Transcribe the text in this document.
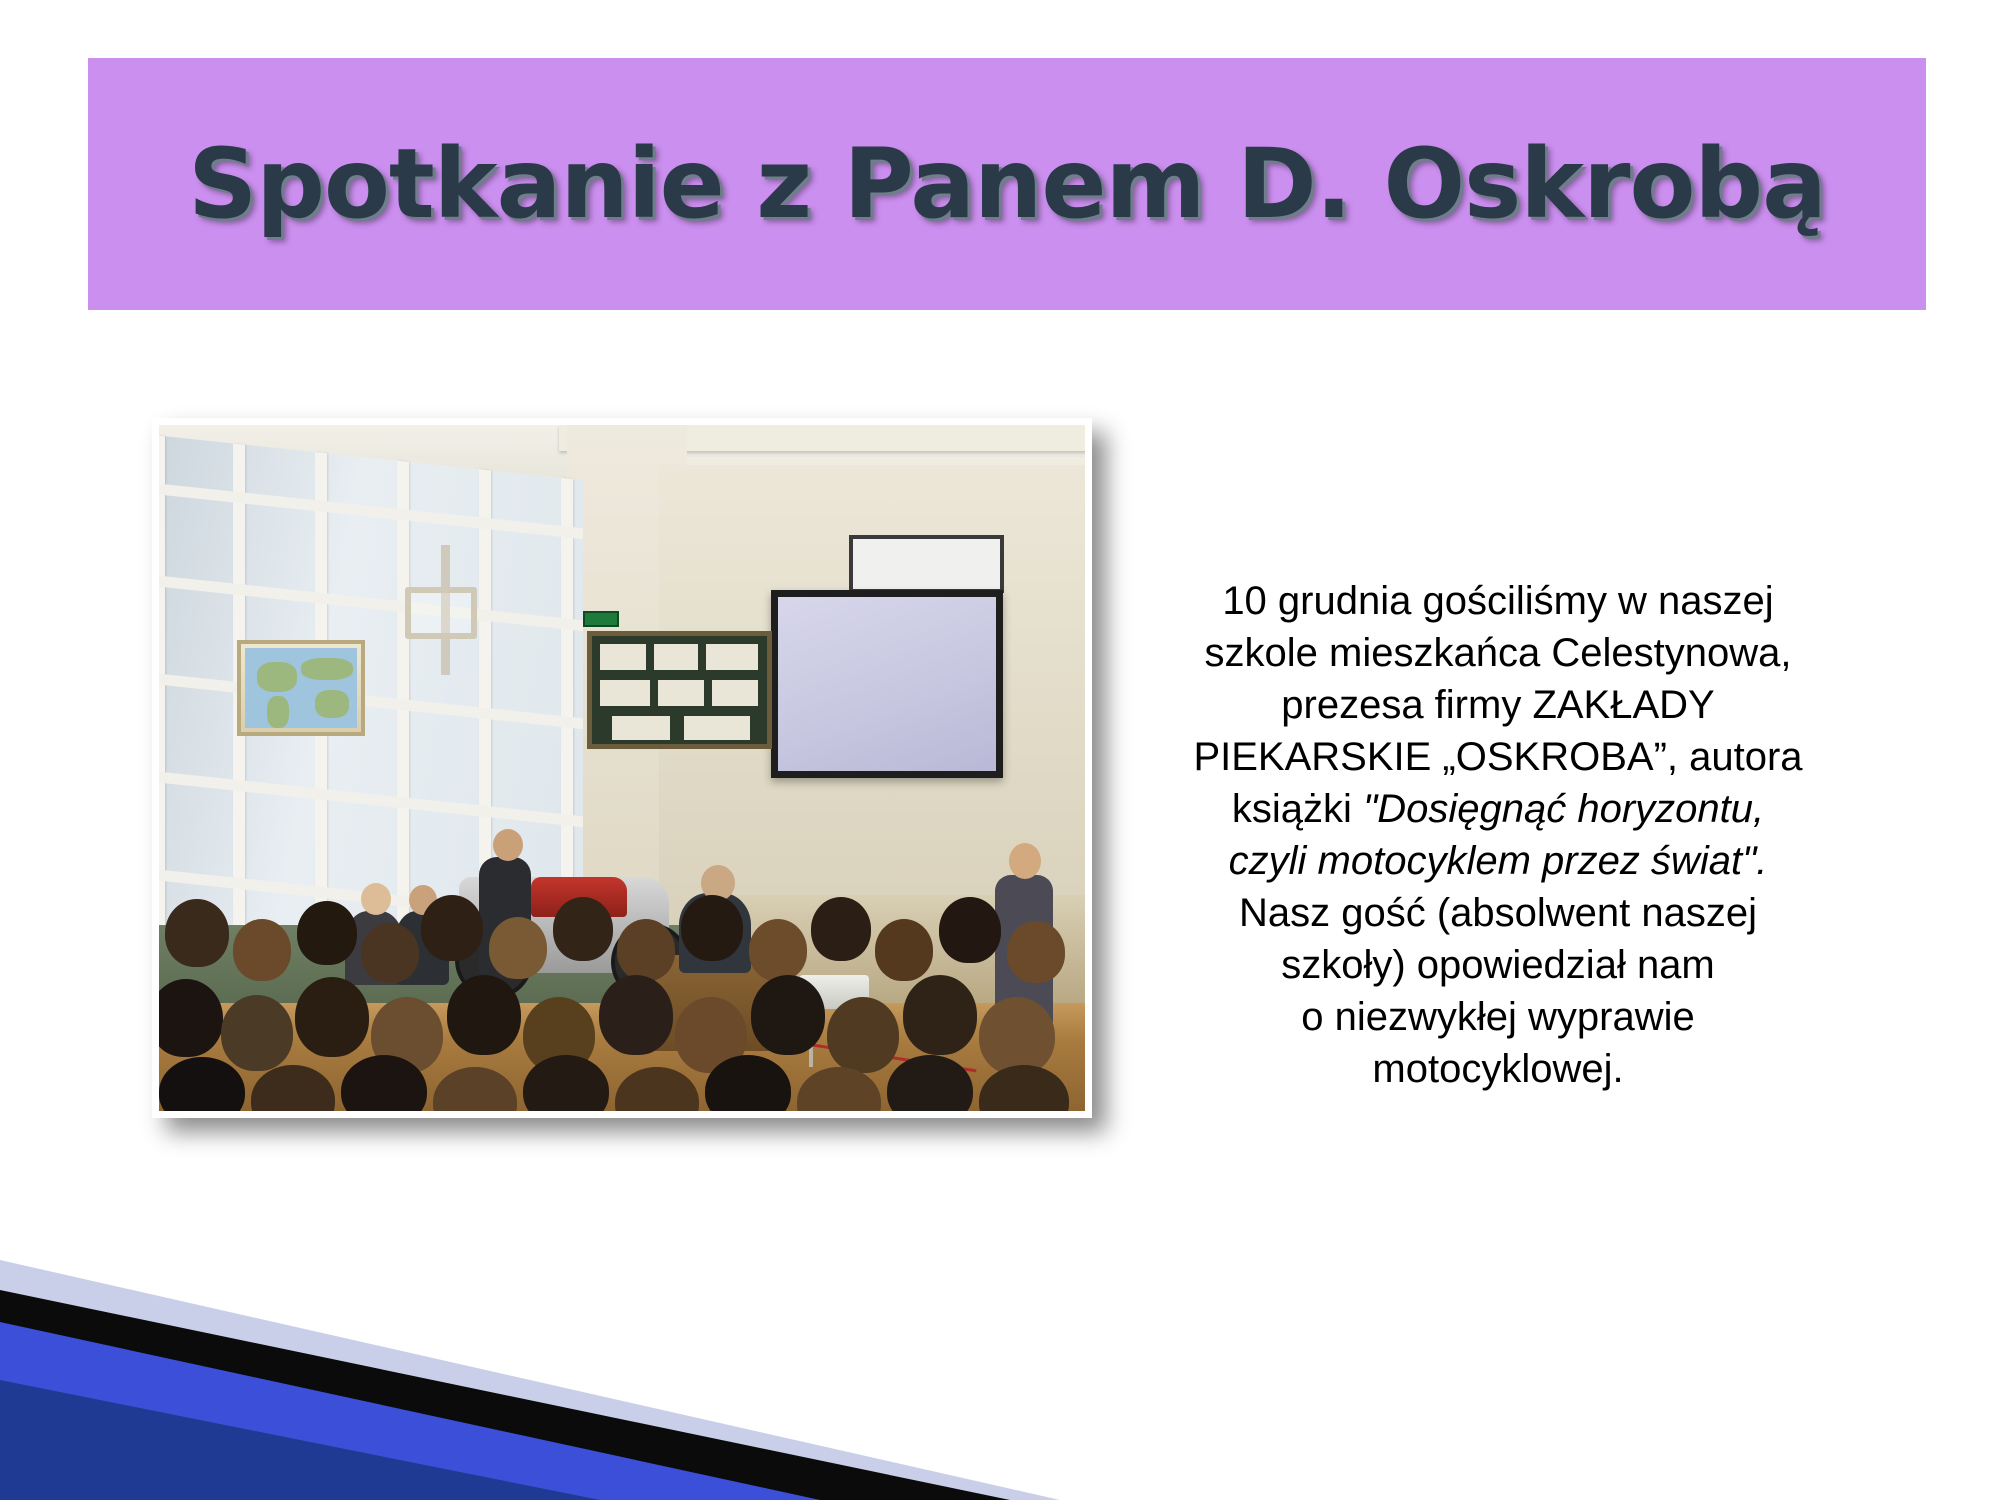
Spotkanie z Panem D. Oskrobą
10 grudnia gościliśmy w naszej
szkole mieszkańca Celestynowa,
prezesa firmy ZAKŁADY
PIEKARSKIE „OSKROBA”, autora
książki "Dosięgnąć horyzontu,
czyli motocyklem przez świat".
Nasz gość (absolwent naszej
szkoły) opowiedział nam
o niezwykłej wyprawie
motocyklowej.
